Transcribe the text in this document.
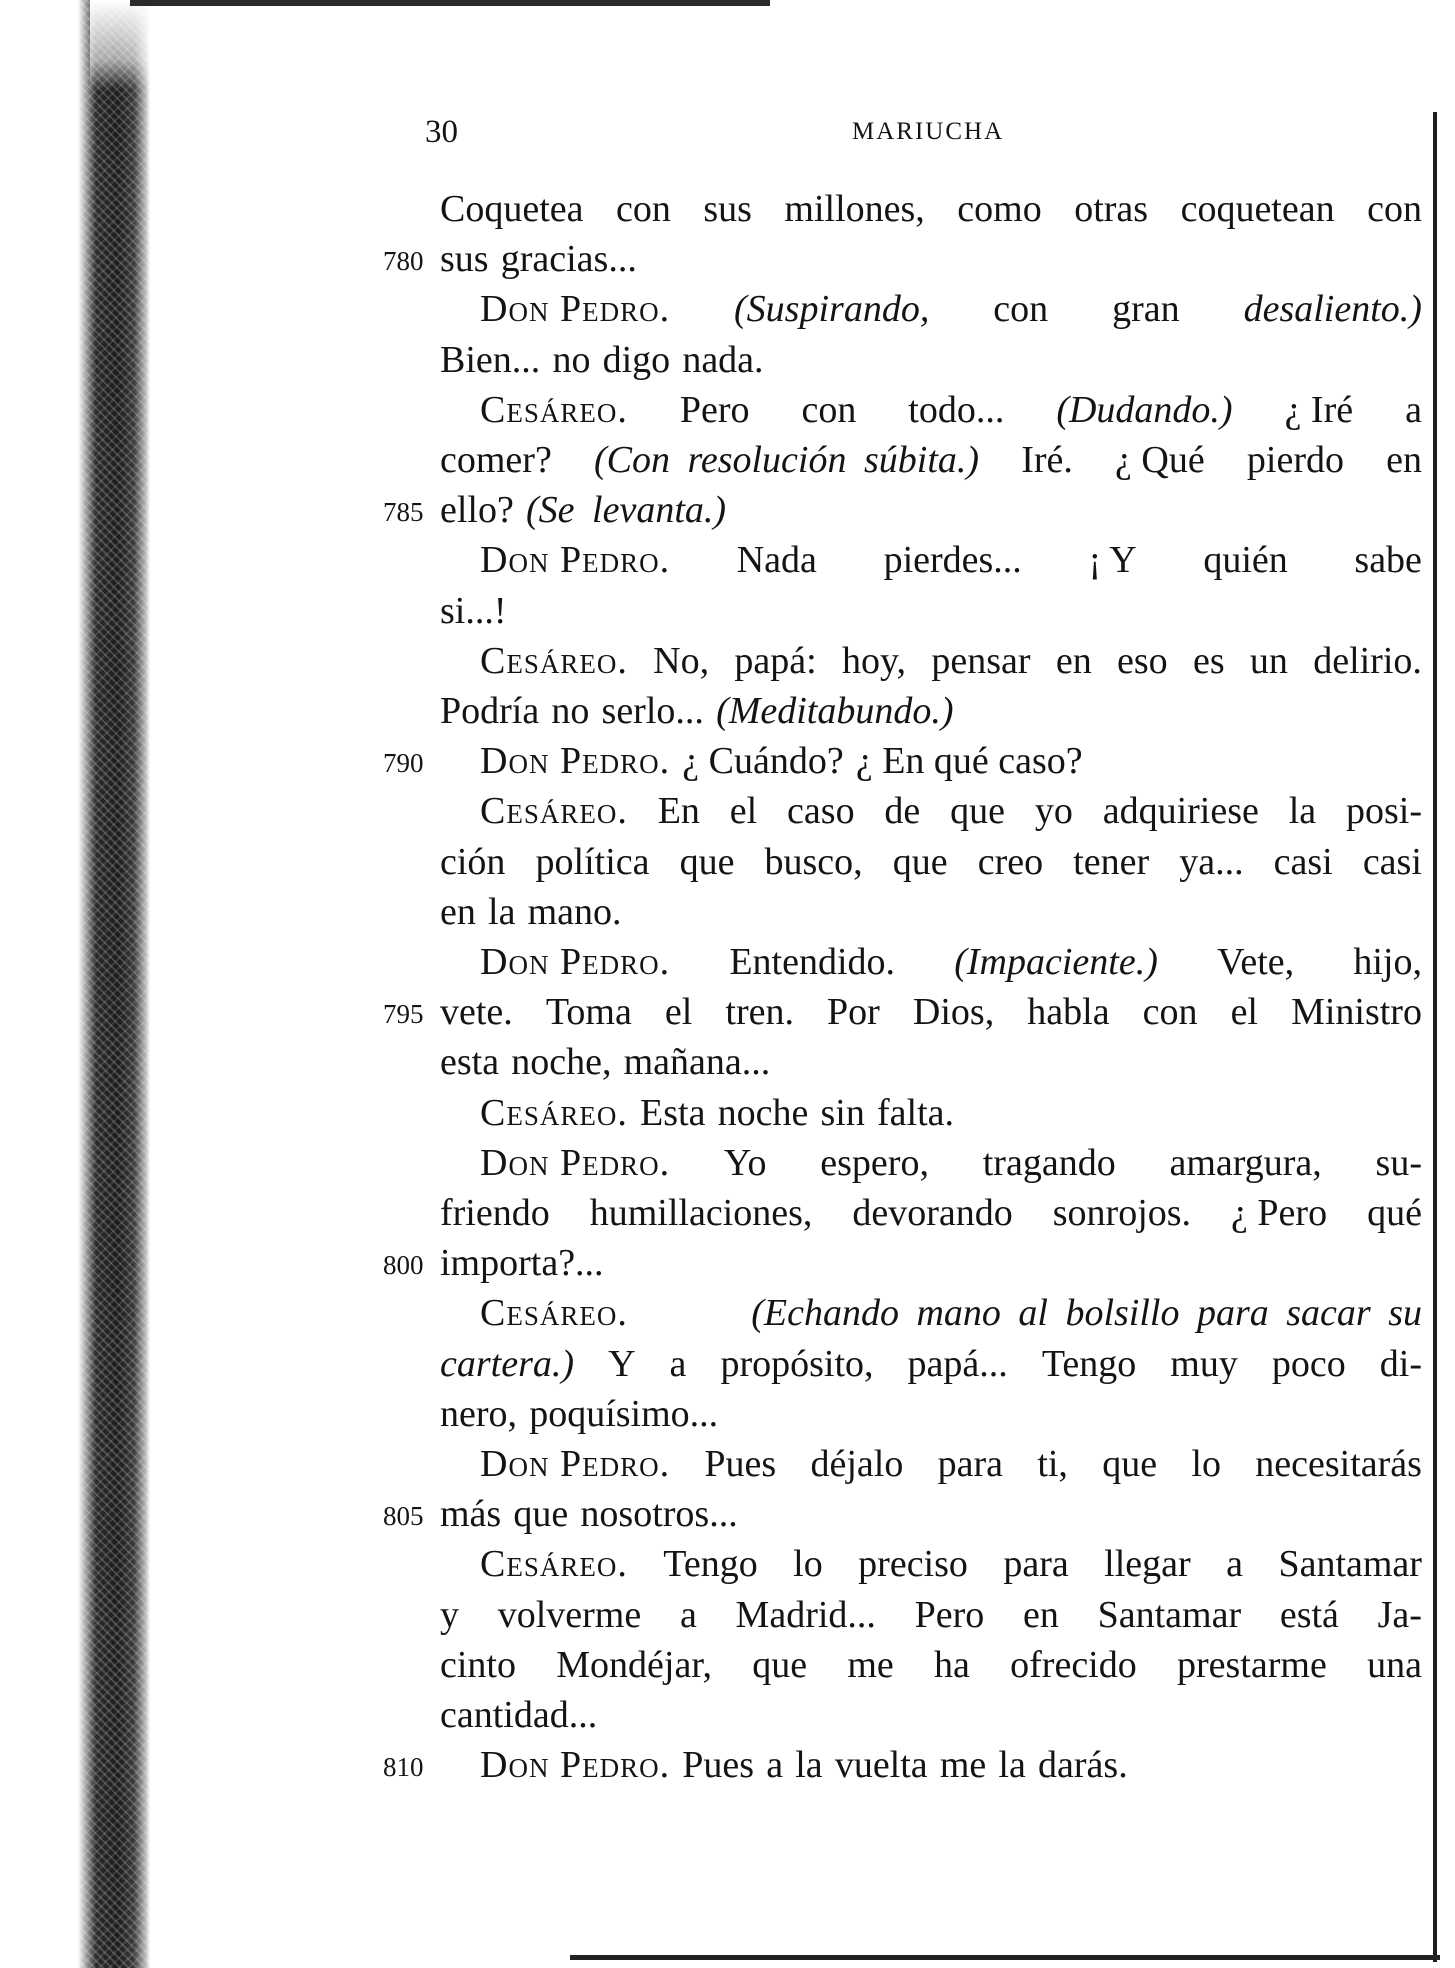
30	MARIUCHA
Coquetea con sus millones, como otras coquetean con
sus gracias...
Don Pedro. (Suspirando, con gran desaliento.)
Bien... no digo nada.
Cesáreo. Pero con todo... (Dudando.) ¿ Iré a
comer? (Con resolución súbita.) Iré. ¿ Qué pierdo en
ello? (Se levanta.)
Don Pedro. Nada pierdes... ¡ Y quién sabe
si...!
Cesáreo. No, papá: hoy, pensar en eso es un delirio.
Podría no serlo... (Meditabundo.)
Don Pedro. ¿ Cuándo? ¿ En qué caso?
Cesáreo. En el caso de que yo adquiriese la posi-
ción política que busco, que creo tener ya... casi casi
en la mano.
Don Pedro. Entendido. (Impaciente.) Vete, hijo,
vete. Toma el tren. Por Dios, habla con el Ministro
esta noche, mañana...
Cesáreo. Esta noche sin falta.
Don Pedro. Yo espero, tragando amargura, su-
friendo humillaciones, devorando sonrojos. ¿ Pero qué
importa?...
Cesáreo.	(Echando mano al bolsillo para sacar su
cartera.) Y a propósito, papá... Tengo muy poco di-
nero, poquísimo...
Don Pedro. Pues déjalo para ti, que lo necesitarás
más que nosotros...
Cesáreo. Tengo lo preciso para llegar a Santamar
y volverme a Madrid... Pero en Santamar está Ja-
cinto Mondéjar, que me ha ofrecido prestarme una
cantidad...
Don Pedro. Pues a la vuelta me la darás.
780
785
790
795
800
805
810
